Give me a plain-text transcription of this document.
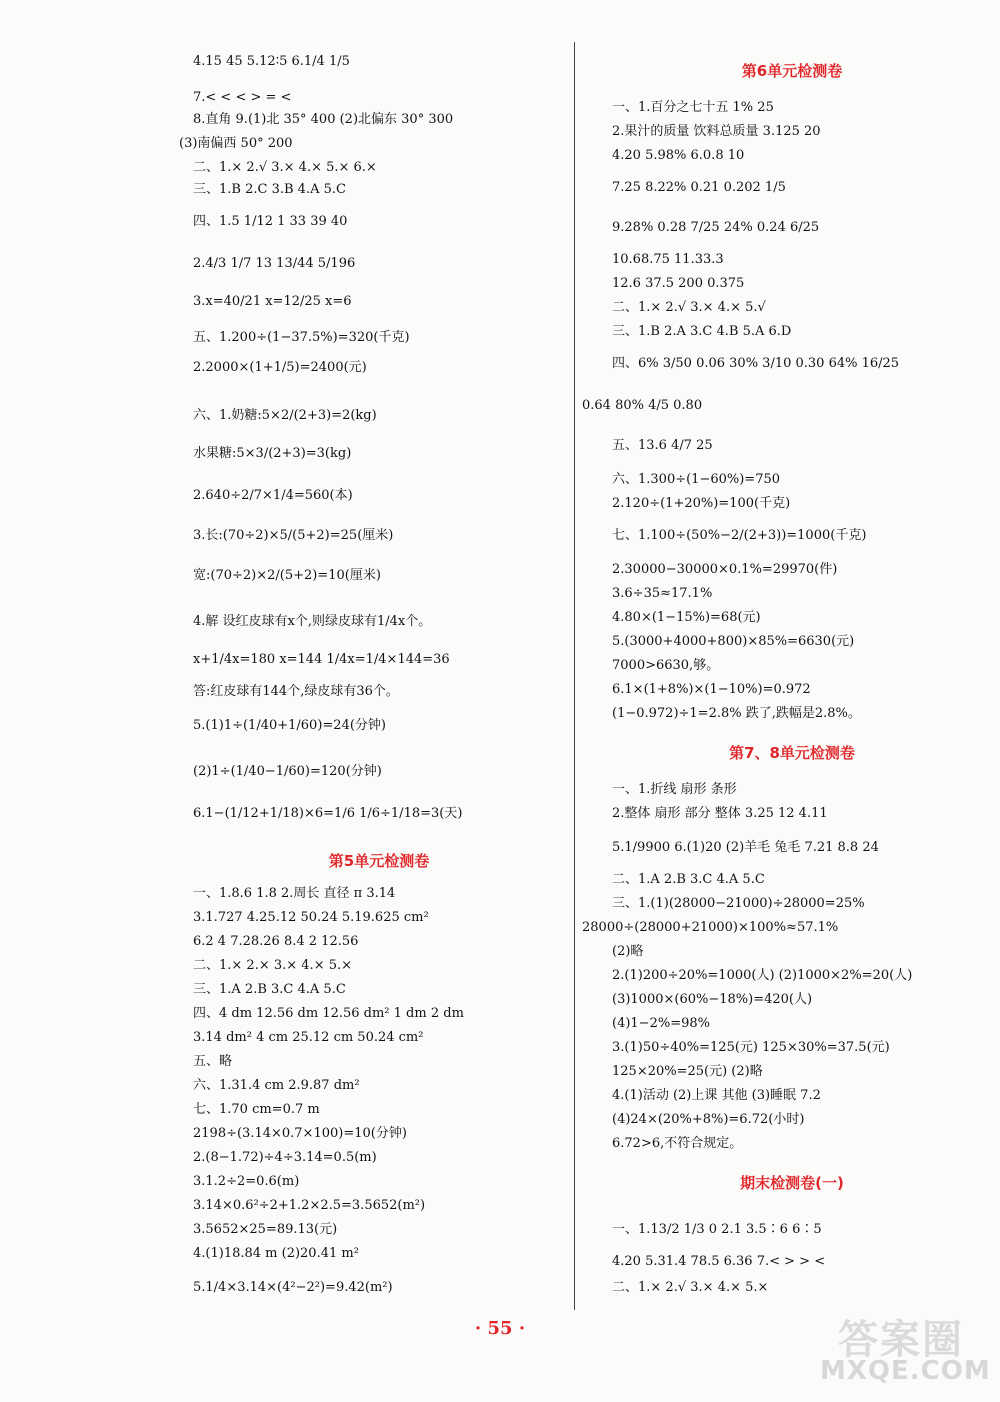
4.15 45 5.12∶5 6.1/4 1/5
7.< < < > = <
8.直角 9.(1)北 35° 400 (2)北偏东 30° 300
(3)南偏西 50° 200
二、1.× 2.√ 3.× 4.× 5.× 6.×
三、1.B 2.C 3.B 4.A 5.C
四、1.5 1/12 1 33 39 40
2.4/3 1/7 13 13/44 5/196
3.x=40/21 x=12/25 x=6
五、1.200÷(1−37.5%)=320(千克)
2.2000×(1+1/5)=2400(元)
六、1.奶糖:5×2/(2+3)=2(kg)
水果糖:5×3/(2+3)=3(kg)
2.640÷2/7×1/4=560(本)
3.长:(70÷2)×5/(5+2)=25(厘米)
宽:(70÷2)×2/(5+2)=10(厘米)
4.解 设红皮球有x个,则绿皮球有1/4x个。
x+1/4x=180 x=144 1/4x=1/4×144=36
答:红皮球有144个,绿皮球有36个。
5.(1)1÷(1/40+1/60)=24(分钟)
(2)1÷(1/40−1/60)=120(分钟)
6.1−(1/12+1/18)×6=1/6 1/6÷1/18=3(天)
第5单元检测卷
一、1.8.6 1.8 2.周长 直径 π 3.14
3.1.727 4.25.12 50.24 5.19.625 cm²
6.2 4 7.28.26 8.4 2 12.56
二、1.× 2.× 3.× 4.× 5.×
三、1.A 2.B 3.C 4.A 5.C
四、4 dm 12.56 dm 12.56 dm² 1 dm 2 dm
3.14 dm² 4 cm 25.12 cm 50.24 cm²
五、略
六、1.31.4 cm 2.9.87 dm²
七、1.70 cm=0.7 m
2198÷(3.14×0.7×100)=10(分钟)
2.(8−1.72)÷4÷3.14=0.5(m)
3.1.2÷2=0.6(m)
3.14×0.6²÷2+1.2×2.5=3.5652(m²)
3.5652×25=89.13(元)
4.(1)18.84 m (2)20.41 m²
5.1/4×3.14×(4²−2²)=9.42(m²)
第6单元检测卷
一、1.百分之七十五 1% 25
2.果汁的质量 饮料总质量 3.125 20
4.20 5.98% 6.0.8 10
7.25 8.22% 0.21 0.202 1/5
9.28% 0.28 7/25 24% 0.24 6/25
10.68.75 11.33.3
12.6 37.5 200 0.375
二、1.× 2.√ 3.× 4.× 5.√
三、1.B 2.A 3.C 4.B 5.A 6.D
四、6% 3/50 0.06 30% 3/10 0.30 64% 16/25
0.64 80% 4/5 0.80
五、13.6 4/7 25
六、1.300÷(1−60%)=750
2.120÷(1+20%)=100(千克)
七、1.100÷(50%−2/(2+3))=1000(千克)
2.30000−30000×0.1%=29970(件)
3.6÷35≈17.1%
4.80×(1−15%)=68(元)
5.(3000+4000+800)×85%=6630(元)
7000>6630,够。
6.1×(1+8%)×(1−10%)=0.972
(1−0.972)÷1=2.8% 跌了,跌幅是2.8%。
第7、8单元检测卷
一、1.折线 扇形 条形
2.整体 扇形 部分 整体 3.25 12 4.11
5.1/9900 6.(1)20 (2)羊毛 兔毛 7.21 8.8 24
二、1.A 2.B 3.C 4.A 5.C
三、1.(1)(28000−21000)÷28000=25%
28000÷(28000+21000)×100%≈57.1%
(2)略
2.(1)200÷20%=1000(人) (2)1000×2%=20(人)
(3)1000×(60%−18%)=420(人)
(4)1−2%=98%
3.(1)50÷40%=125(元) 125×30%=37.5(元)
125×20%=25(元) (2)略
4.(1)活动 (2)上课 其他 (3)睡眠 7.2
(4)24×(20%+8%)=6.72(小时)
6.72>6,不符合规定。
期末检测卷(一)
一、1.13/2 1/3 0 2.1 3.5∶6 6∶5
4.20 5.31.4 78.5 6.36 7.< > > <
二、1.× 2.√ 3.× 4.× 5.×
· 55 ·	答案圈
MXQE.COM
